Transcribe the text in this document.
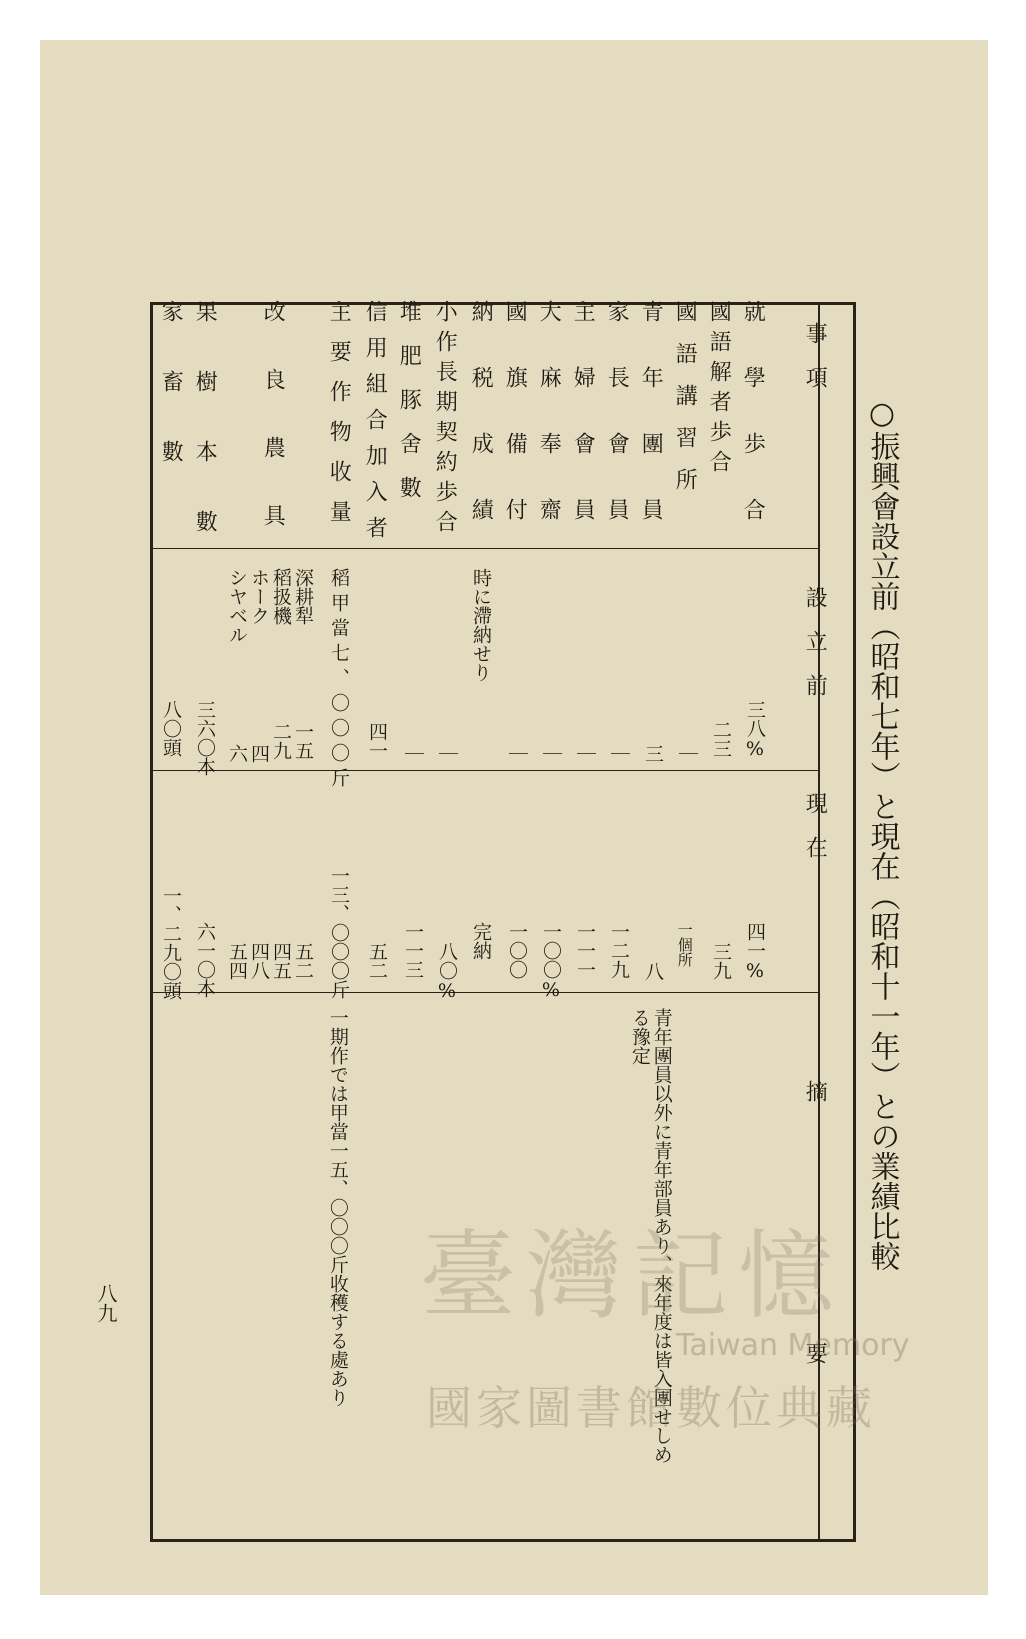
○振興會設立前（昭和七年）と現在（昭和十一年）との業績比較
八九
事項
設立前
現在
摘要
就學歩合
國語解者歩合
國語講習所
青年團員
家長會員
主婦會員
大麻奉齋
國旗備付
納税成績
小作長期契約歩合
堆肥豚舍數
信用組合加入者
主要作物收量
改良農具
果樹本數
家畜數
三八%
二三
｜
三
｜
｜
｜
｜
時に滯納せり
｜
｜
四一
稻甲當七、〇〇〇斤
深耕犁
稻扱機
ホーク
シヤベル
一五
二九
四
六
三六〇本
八〇頭
四一%
三九
一個所
八
一二九
一一一
一〇〇%
一〇〇
完納
八〇%
一一三
五二
一三、〇〇〇斤
五二
四五
四八
五四
六一〇本
一、二九〇頭
青年團員以外に青年部員あり、來年度は皆入團せしめる豫定
一期作では甲當一五、〇〇〇斤收穫する處あり 臺灣記憶
Taiwan Memory
國家圖書館數位典藏
